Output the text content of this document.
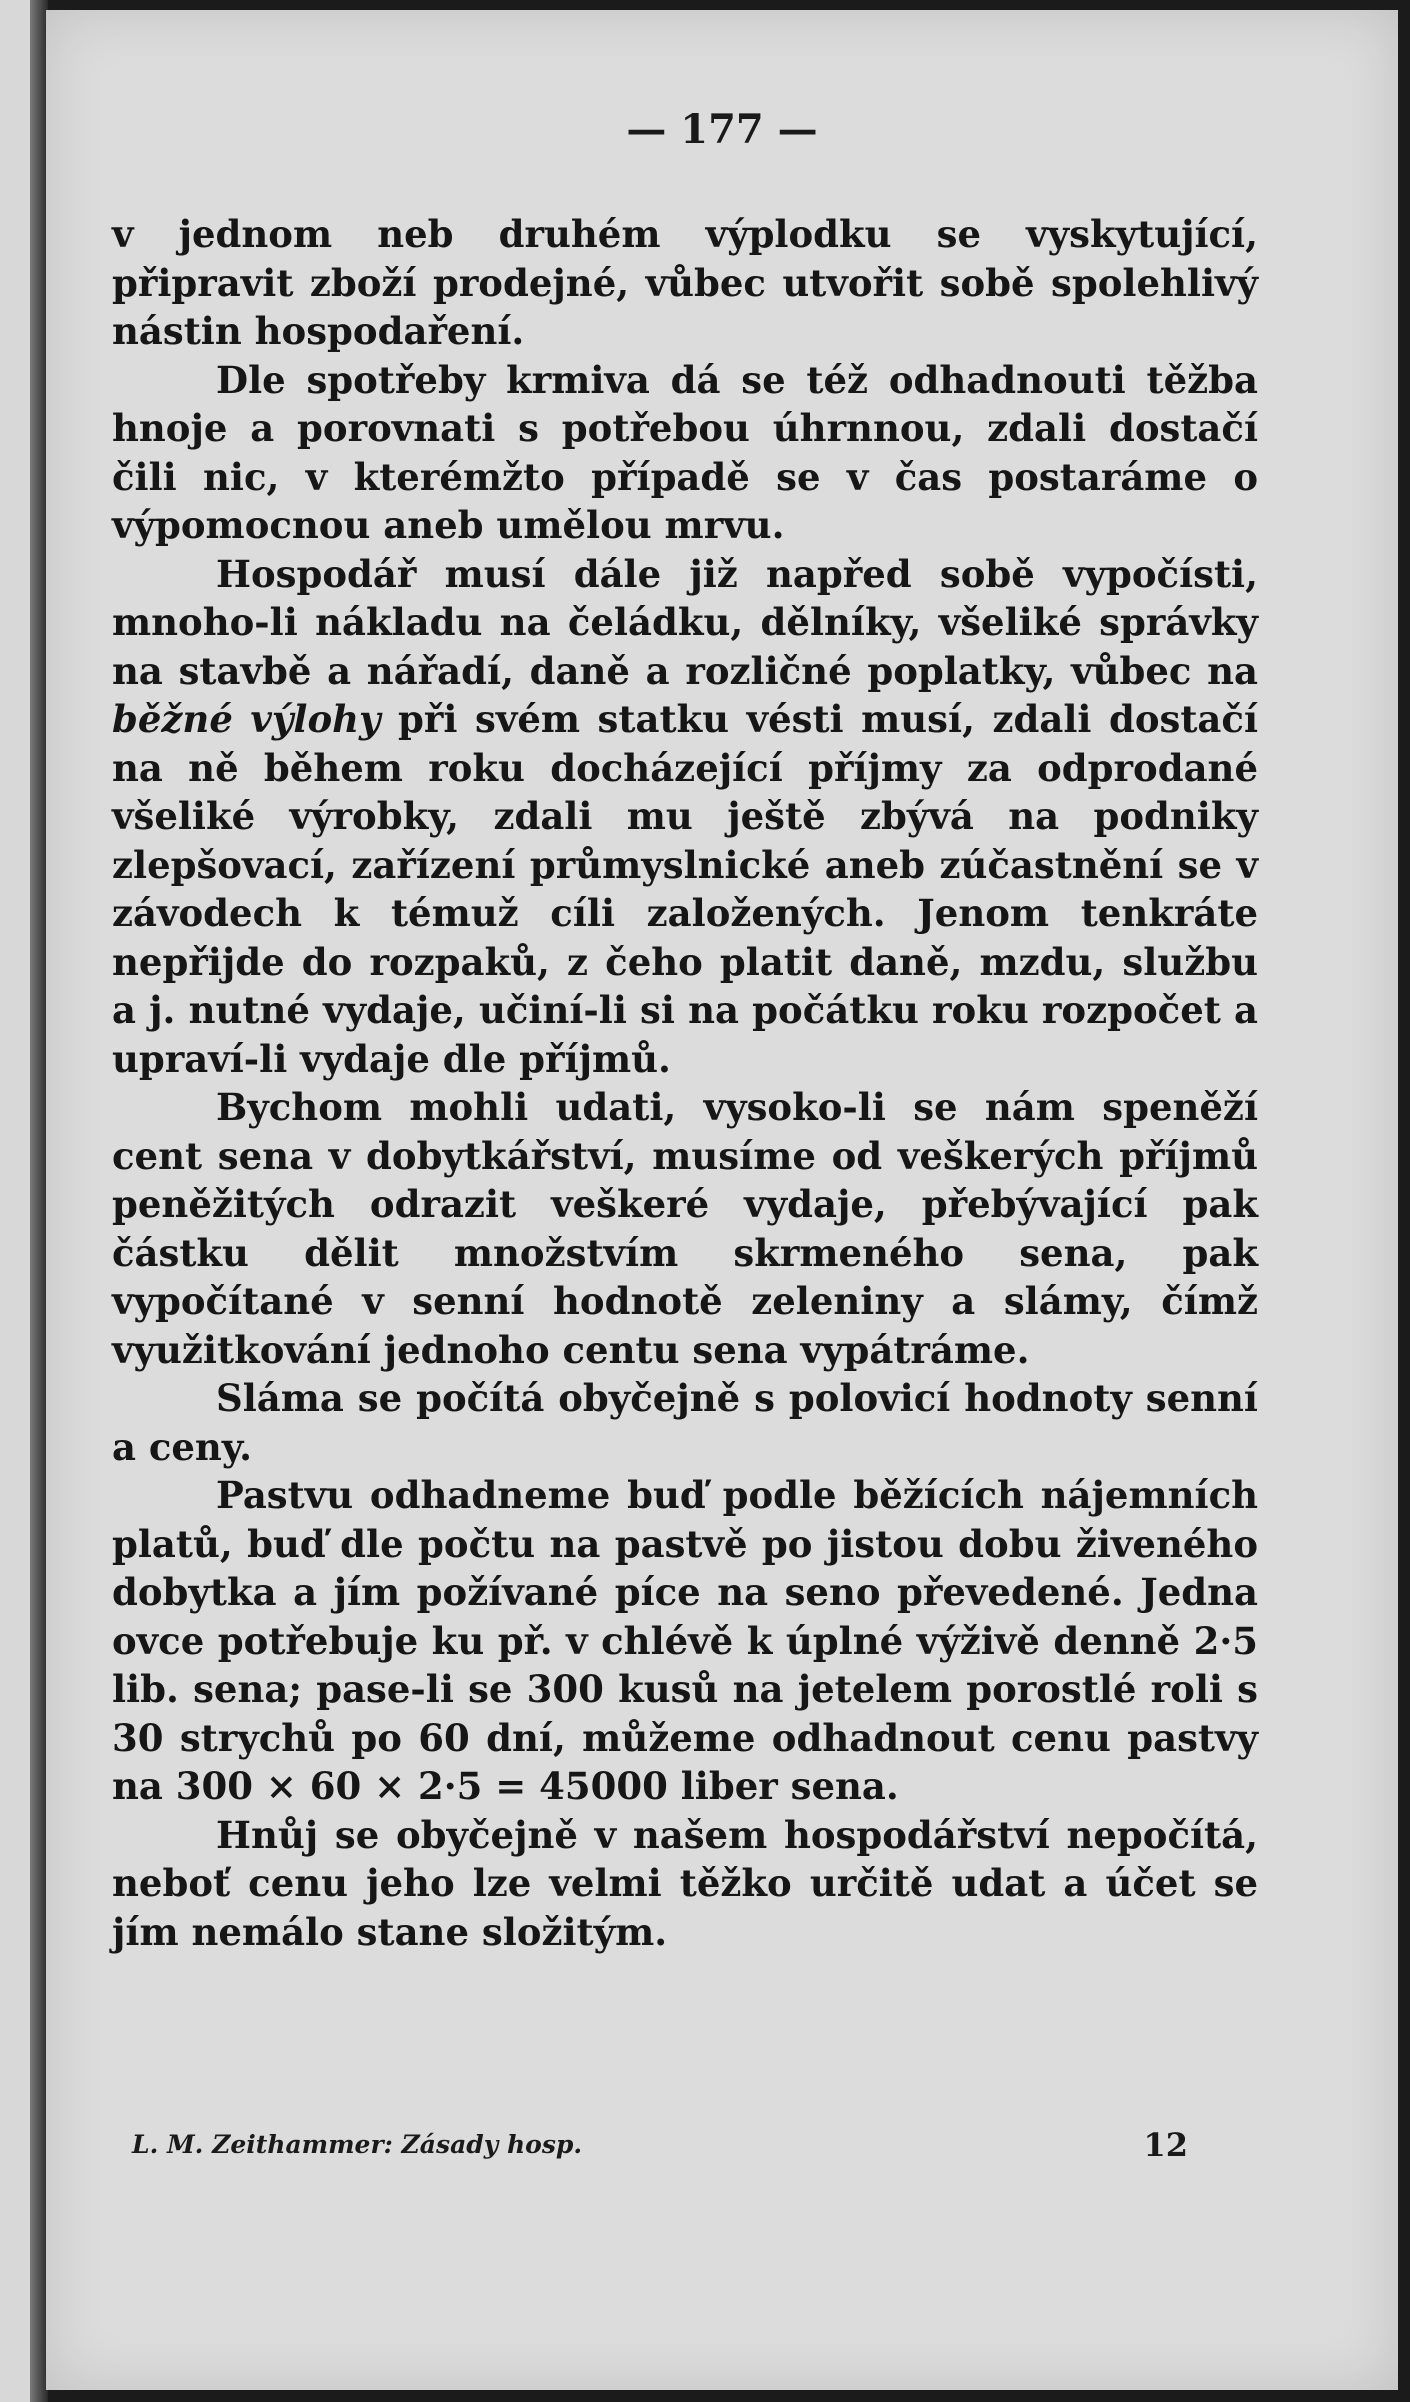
— 177 —

v jednom neb druhém výplodku se vyskytující, připravit zboží prodejné, vůbec utvořit sobě spolehlivý nástin hospodaření.

Dle spotřeby krmiva dá se též odhadnouti těžba hnoje a porovnati s potřebou úhrnnou, zdali dostačí čili nic, v kterémžto případě se v čas postaráme o výpomocnou aneb umělou mrvu.

Hospodář musí dále již napřed sobě vypočísti, mnoho-li nákladu na čeládku, dělníky, všeliké správky na stavbě a nářadí, daně a rozličné poplatky, vůbec na běžné výlohy při svém statku vésti musí, zdali dostačí na ně během roku docházející příjmy za odprodané všeliké výrobky, zdali mu ještě zbývá na podniky zlepšovací, zařízení průmyslnické aneb zúčastnění se v závodech k témuž cíli založených. Jenom tenkráte nepřijde do rozpaků, z čeho platit daně, mzdu, službu a j. nutné vydaje, učiní-li si na počátku roku rozpočet a upraví-li vydaje dle příjmů.

Bychom mohli udati, vysoko-li se nám speněží cent sena v dobytkářství, musíme od veškerých příjmů peněžitých odrazit veškeré vydaje, přebývající pak částku dělit množstvím skrmeného sena, pak vypočítané v senní hodnotě zeleniny a slámy, čímž využitkování jednoho centu sena vypátráme.

Sláma se počítá obyčejně s polovicí hodnoty senní a ceny.

Pastvu odhadneme buď podle běžících nájemních platů, buď dle počtu na pastvě po jistou dobu živeného dobytka a jím požívané píce na seno převedené. Jedna ovce potřebuje ku př. v chlévě k úplné výživě denně 2·5 lib. sena; pase-li se 300 kusů na jetelem porostlé roli s 30 strychů po 60 dní, můžeme odhadnout cenu pastvy na 300 × 60 × 2·5 = 45000 liber sena.

Hnůj se obyčejně v našem hospodářství nepočítá, neboť cenu jeho lze velmi těžko určitě udat a účet se jím nemálo stane složitým.

L. M. Zeithammer: Zásady hosp.	12
